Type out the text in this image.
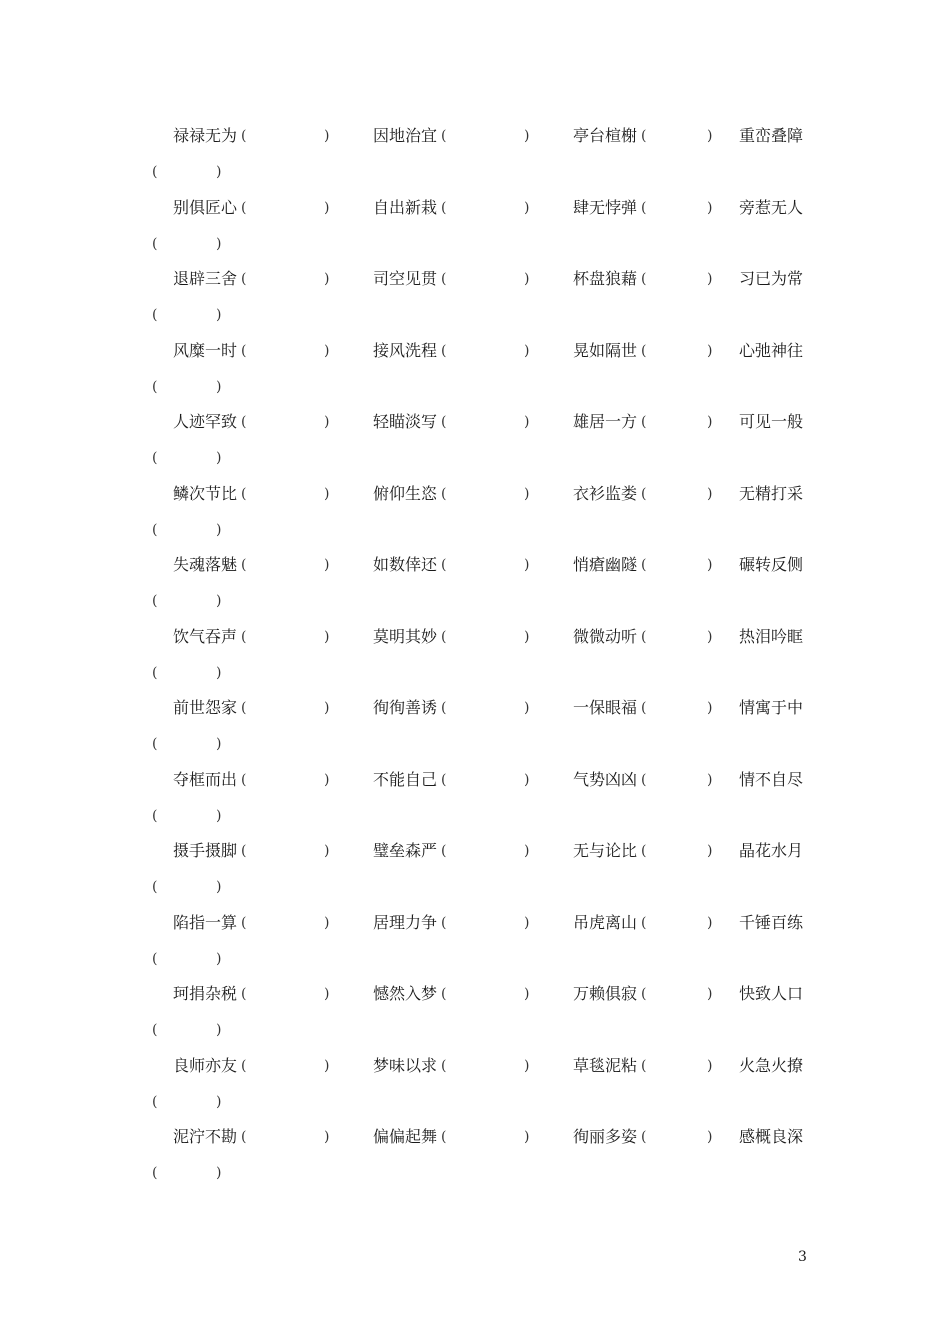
禄禄无为 (	)	因地治宜 (	)	亭台楦榭 (	) 重峦叠障
(	)
别俱匠心 (	)	自出新栽 (	)	肆无悖弹 (	) 旁惹无人
(	)
退辟三舍 (	)	司空见贯 (	)	杯盘狼藉 (	) 习已为常
(	)
风糜一时 (	)	接风洗程 (	)	晃如隔世 (	) 心弛神往
(	)
人迹罕致 (	)	轻瞄淡写 (	)	雄居一方 (	) 可见一般
(	)
鳞次节比 (	)	俯仰生恣 (	)	衣衫监娄 (	) 无精打采
(	)
失魂落魅 (	)	如数倖还 (	)	悄瘡幽隧 (	) 碾转反侧
(	)
饮气吞声 (	)	莫明其妙 (	)	微微动听 (	) 热泪吟眶
(	)
前世怨家 (	)	徇徇善诱 (	)	一保眼福 (	) 情寓于中
(	)
夺框而出 (	)	不能自己 (	)	气势凶凶 (	) 情不自尽
(	)
摄手摄脚 (	)	璧垒森严 (	)	无与论比 (	) 晶花水月
(	)
陷指一算 (	)	居理力争 (	)	吊虎离山 (	) 千锤百练
(	)
珂捐杂税 (	)	憾然入梦 (	)	万赖俱寂 (	) 快致人口
(	)
良师亦友 (	)	梦味以求 (	)	草毯泥粘 (	) 火急火撩
(	)
泥泞不勘 (	)	偏偏起舞 (	)	徇丽多姿 (	) 感概良深
(	)
3
